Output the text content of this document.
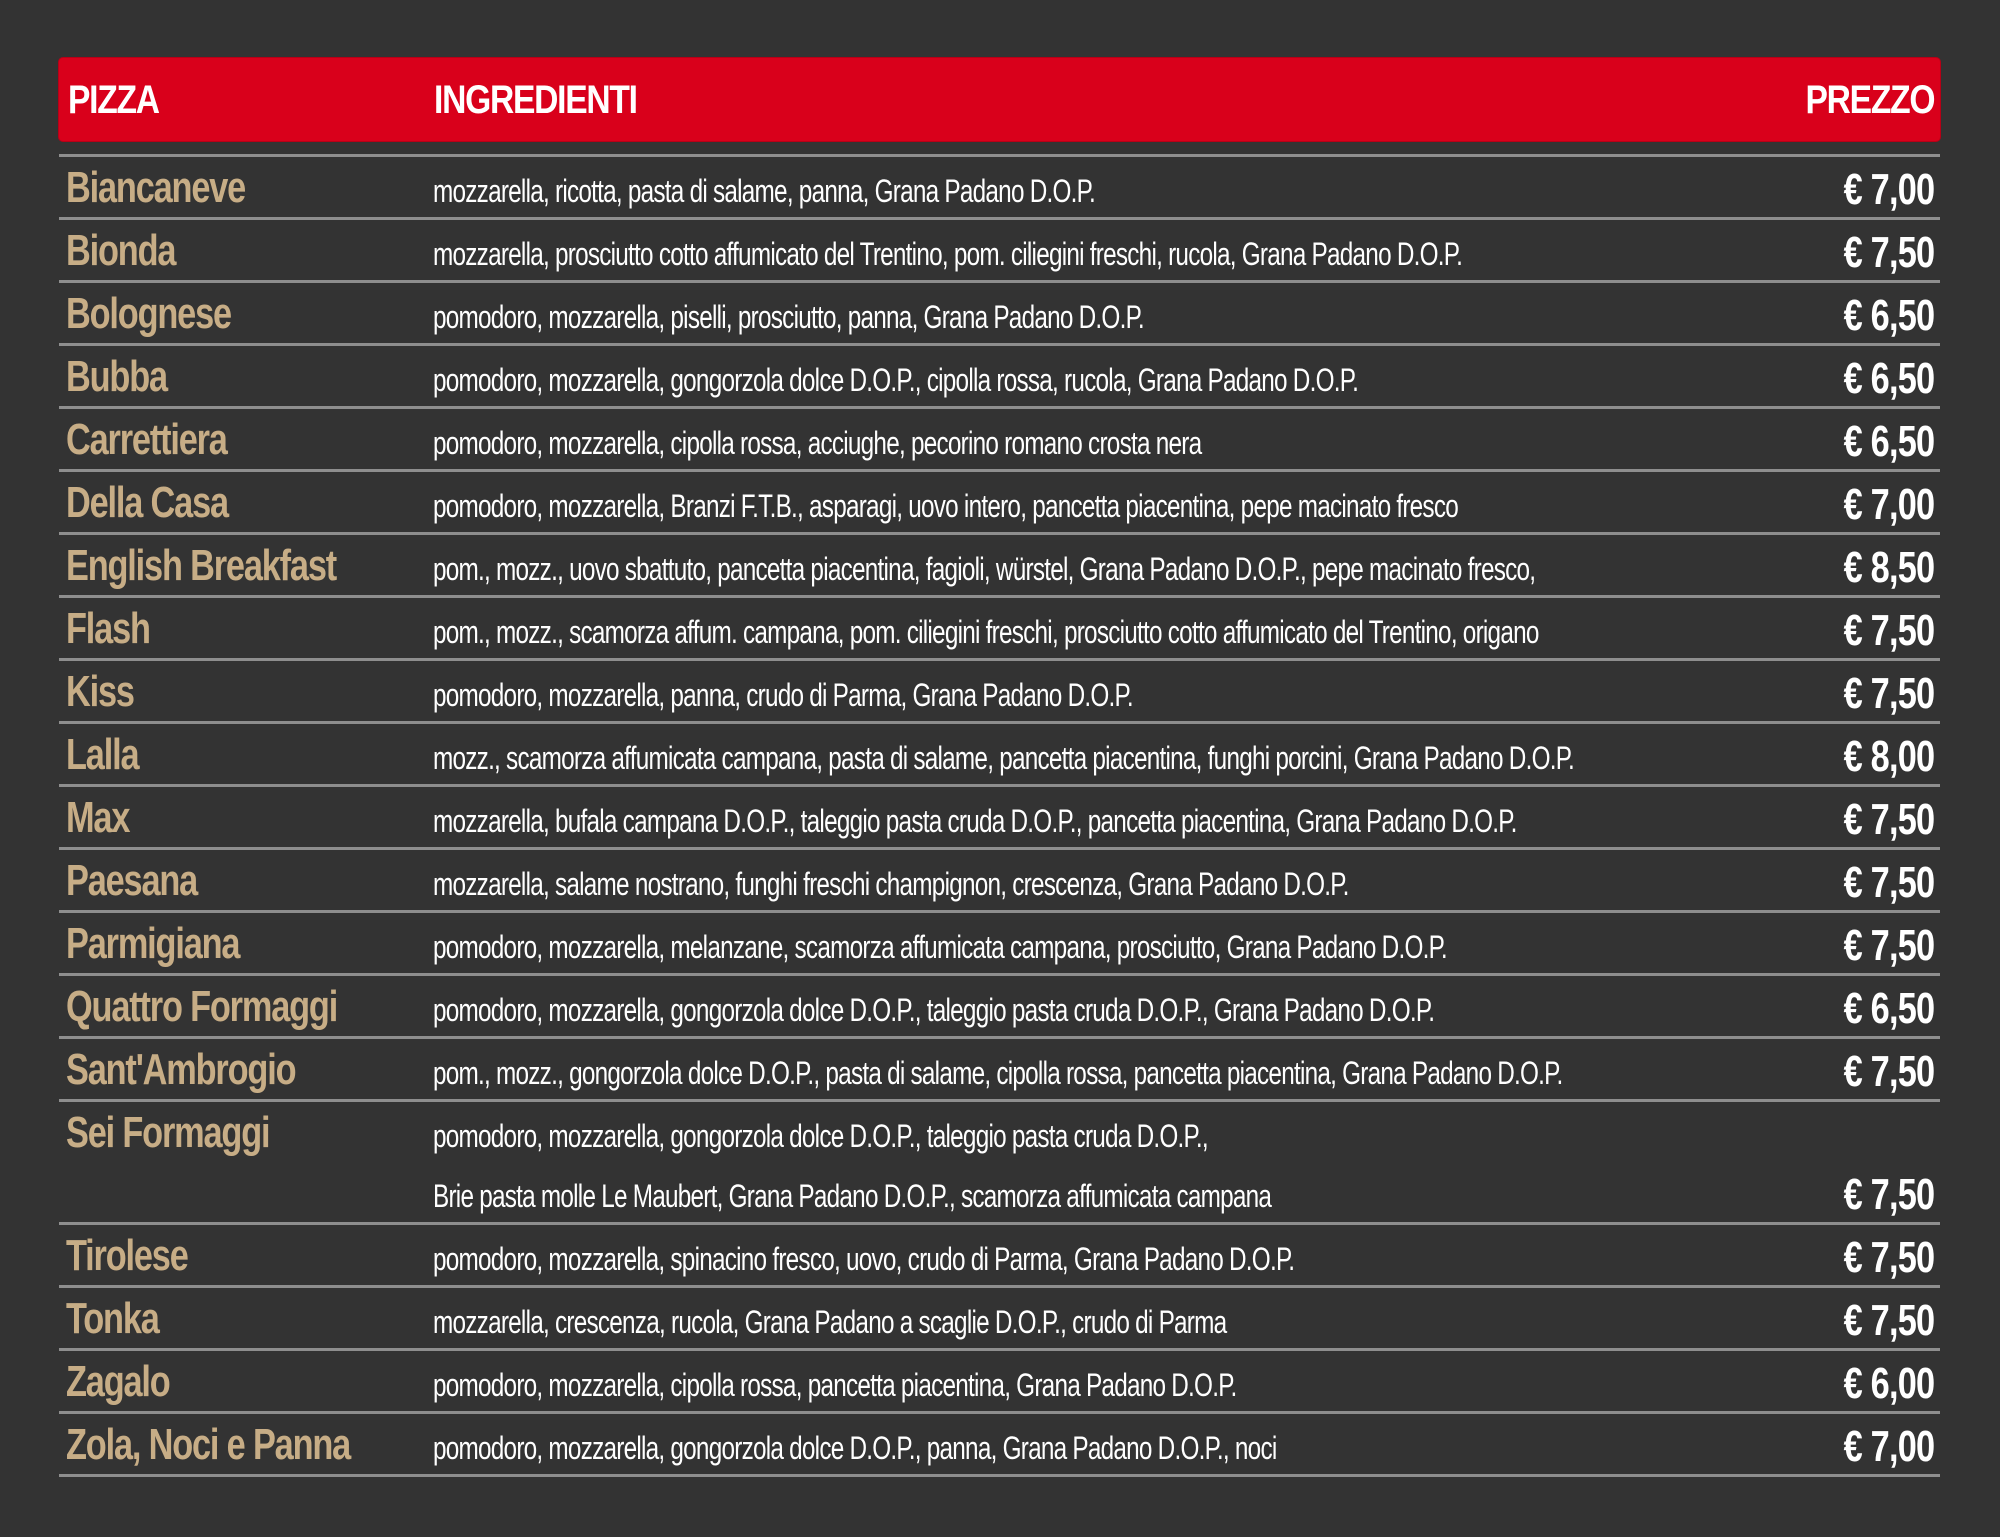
PIZZA	INGREDIENTI	PREZZO
Biancaneve	mozzarella, ricotta, pasta di salame, panna, Grana Padano D.O.P.	€ 7,00
Bionda	mozzarella, prosciutto cotto affumicato del Trentino, pom. ciliegini freschi, rucola, Grana Padano D.O.P.	€ 7,50
Bolognese	pomodoro, mozzarella, piselli, prosciutto, panna, Grana Padano D.O.P.	€ 6,50
Bubba	pomodoro, mozzarella, gongorzola dolce D.O.P., cipolla rossa, rucola, Grana Padano D.O.P.	€ 6,50
Carrettiera	pomodoro, mozzarella, cipolla rossa, acciughe, pecorino romano crosta nera	€ 6,50
Della Casa	pomodoro, mozzarella, Branzi F.T.B., asparagi, uovo intero, pancetta piacentina, pepe macinato fresco	€ 7,00
English Breakfast	pom., mozz., uovo sbattuto, pancetta piacentina, fagioli, würstel, Grana Padano D.O.P., pepe macinato fresco,	€ 8,50
Flash	pom., mozz., scamorza affum. campana, pom. ciliegini freschi, prosciutto cotto affumicato del Trentino, origano	€ 7,50
Kiss	pomodoro, mozzarella, panna, crudo di Parma, Grana Padano D.O.P.	€ 7,50
Lalla	mozz., scamorza affumicata campana, pasta di salame, pancetta piacentina, funghi porcini, Grana Padano D.O.P.	€ 8,00
Max	mozzarella, bufala campana D.O.P., taleggio pasta cruda D.O.P., pancetta piacentina, Grana Padano D.O.P.	€ 7,50
Paesana	mozzarella, salame nostrano, funghi freschi champignon, crescenza, Grana Padano D.O.P.	€ 7,50
Parmigiana	pomodoro, mozzarella, melanzane, scamorza affumicata campana, prosciutto, Grana Padano D.O.P.	€ 7,50
Quattro Formaggi	pomodoro, mozzarella, gongorzola dolce D.O.P., taleggio pasta cruda D.O.P., Grana Padano D.O.P.	€ 6,50
Sant'Ambrogio	pom., mozz., gongorzola dolce D.O.P., pasta di salame, cipolla rossa, pancetta piacentina, Grana Padano D.O.P.	€ 7,50
Sei Formaggi	pomodoro, mozzarella, gongorzola dolce D.O.P., taleggio pasta cruda D.O.P.,
Brie pasta molle Le Maubert, Grana Padano D.O.P., scamorza affumicata campana	€ 7,50
Tirolese	pomodoro, mozzarella, spinacino fresco, uovo, crudo di Parma, Grana Padano D.O.P.	€ 7,50
Tonka	mozzarella, crescenza, rucola, Grana Padano a scaglie D.O.P., crudo di Parma	€ 7,50
Zagalo	pomodoro, mozzarella, cipolla rossa, pancetta piacentina, Grana Padano D.O.P.	€ 6,00
Zola, Noci e Panna	pomodoro, mozzarella, gongorzola dolce D.O.P., panna, Grana Padano D.O.P., noci	€ 7,00
